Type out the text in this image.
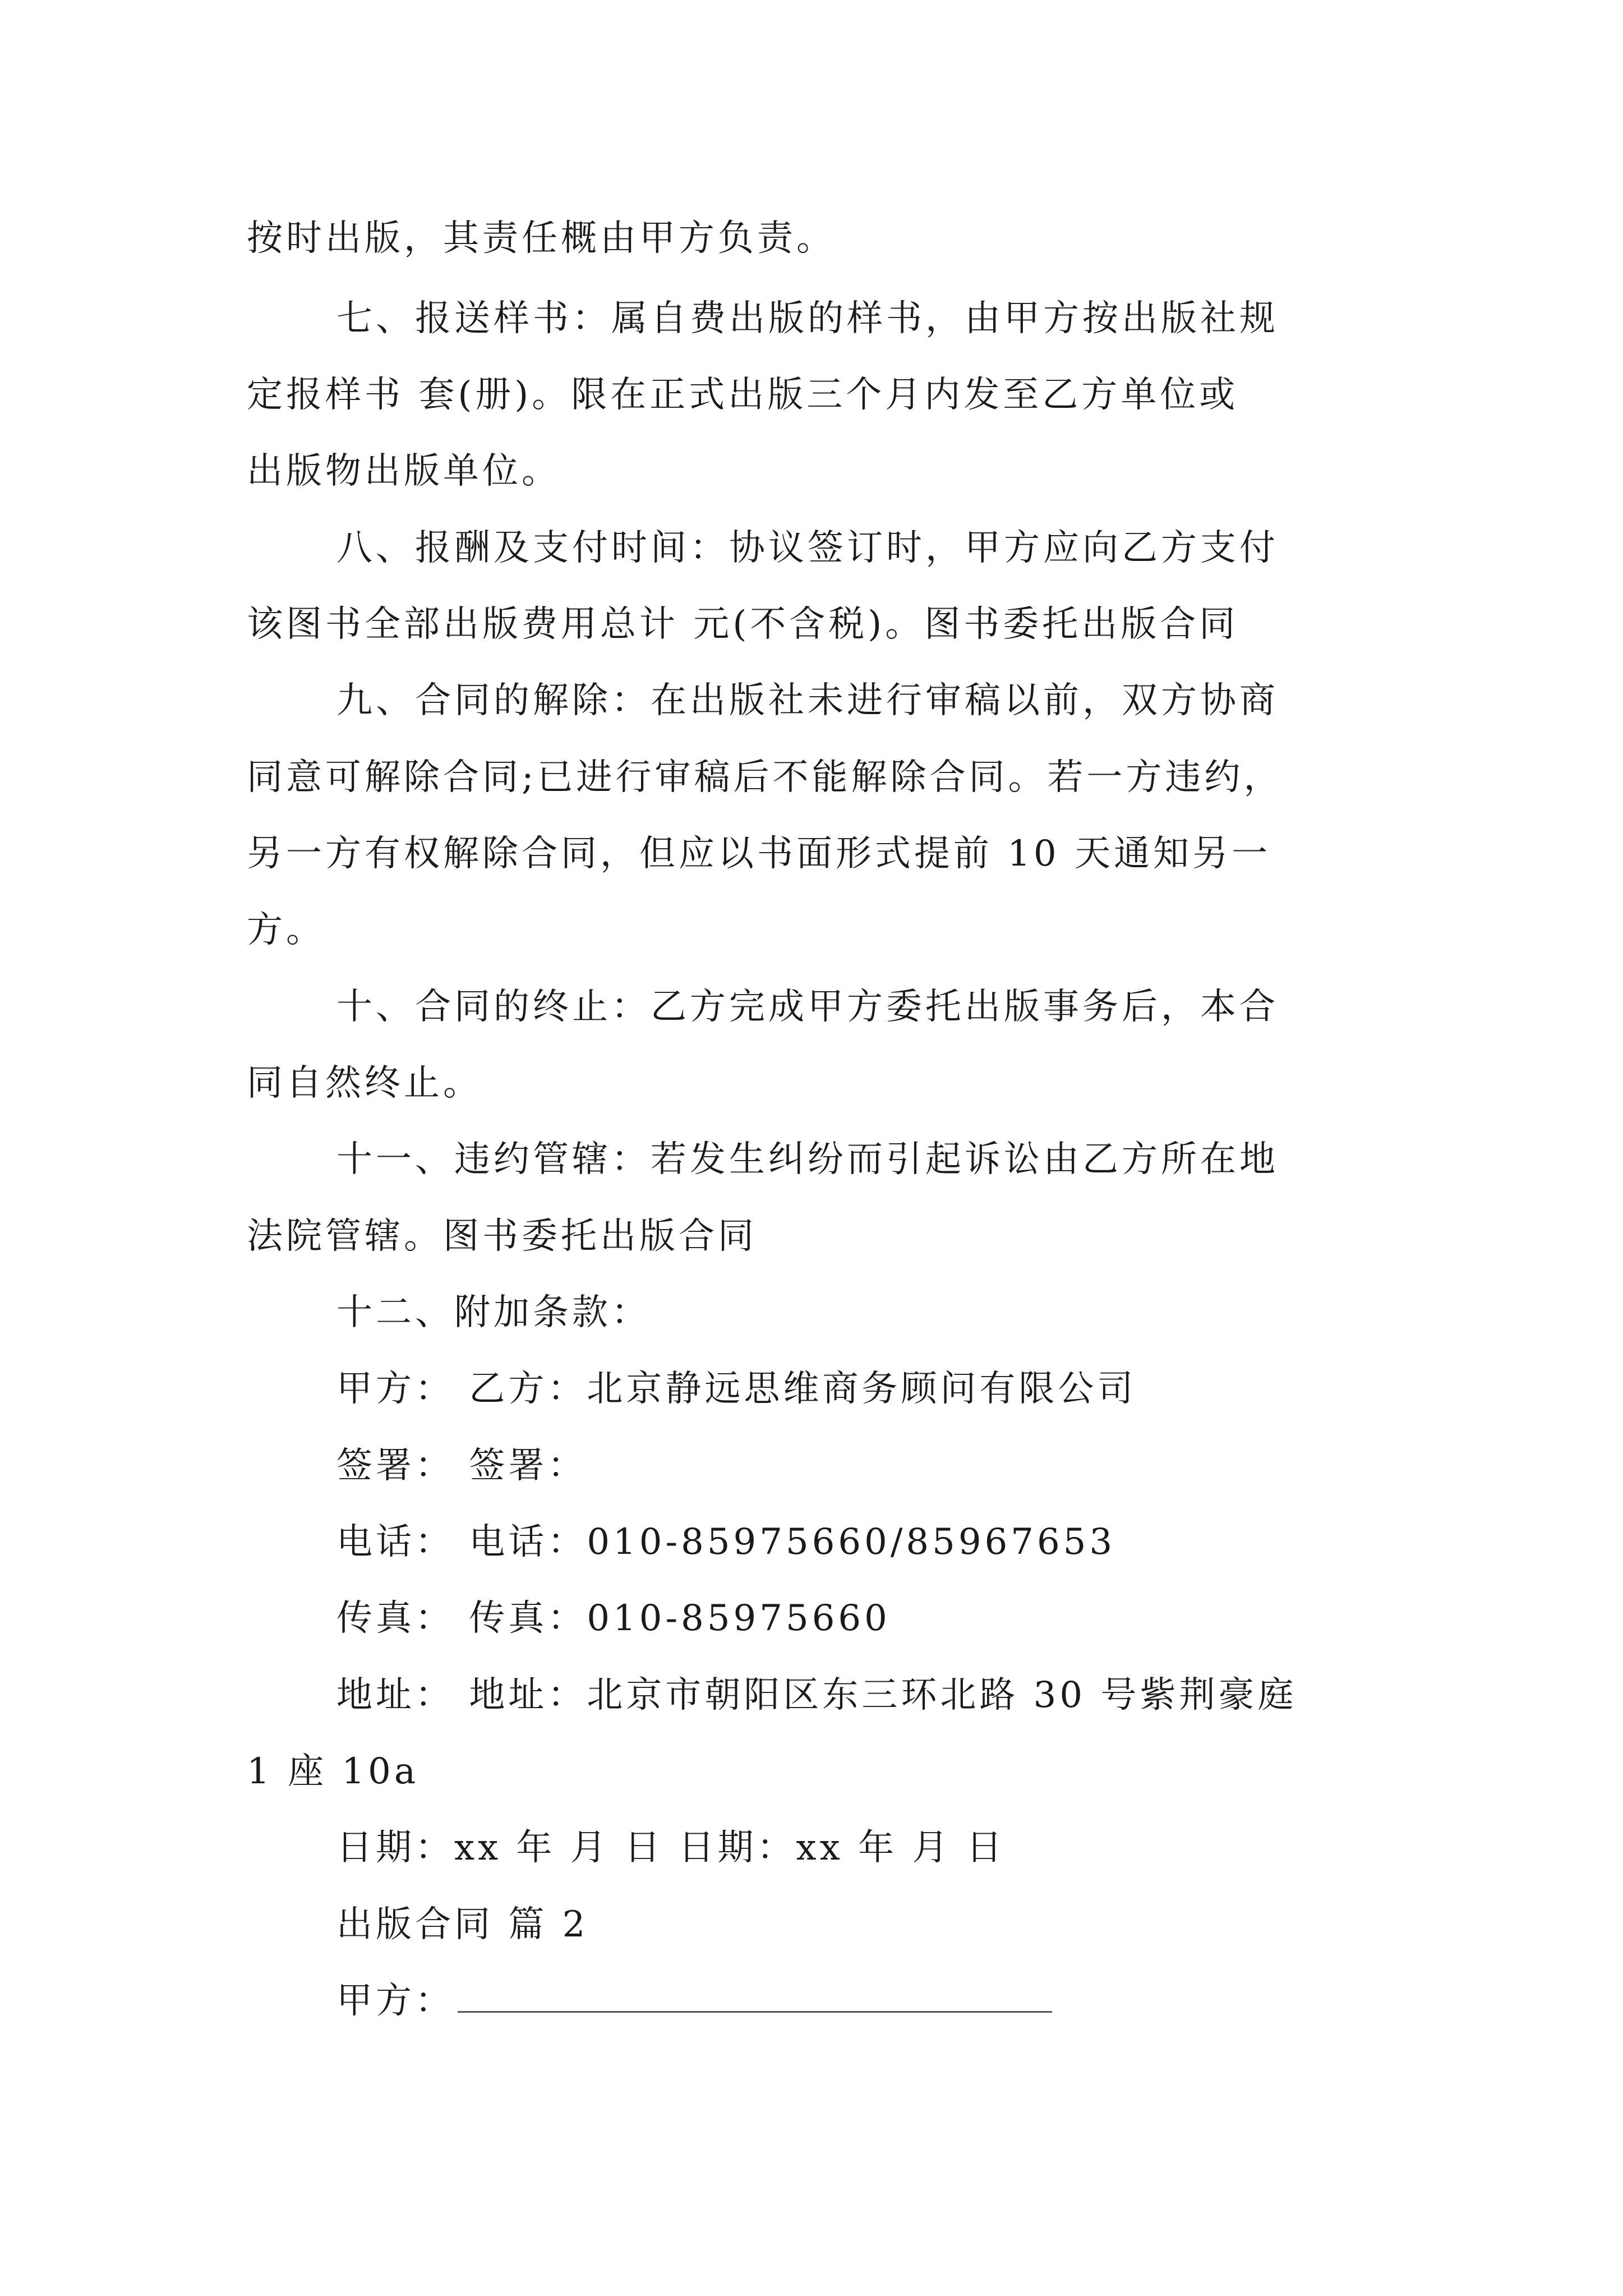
按时出版，其责任概由甲方负责。
七、报送样书：属自费出版的样书，由甲方按出版社规
定报样书 套(册)。限在正式出版三个月内发至乙方单位或
出版物出版单位。
八、报酬及支付时间：协议签订时，甲方应向乙方支付
该图书全部出版费用总计 元(不含税)。图书委托出版合同
九、合同的解除：在出版社未进行审稿以前，双方协商
同意可解除合同;已进行审稿后不能解除合同。若一方违约，
另一方有权解除合同，但应以书面形式提前 10 天通知另一
方。
十、合同的终止：乙方完成甲方委托出版事务后，本合
同自然终止。
十一、违约管辖：若发生纠纷而引起诉讼由乙方所在地
法院管辖。图书委托出版合同
十二、附加条款：
甲方： 乙方：北京静远思维商务顾问有限公司
签署： 签署：
电话： 电话：010-85975660/85967653
传真： 传真：010-85975660
地址： 地址：北京市朝阳区东三环北路 30 号紫荆豪庭
1 座 10a
日期：xx 年 月 日 日期：xx 年 月 日
出版合同 篇 2
甲方：
